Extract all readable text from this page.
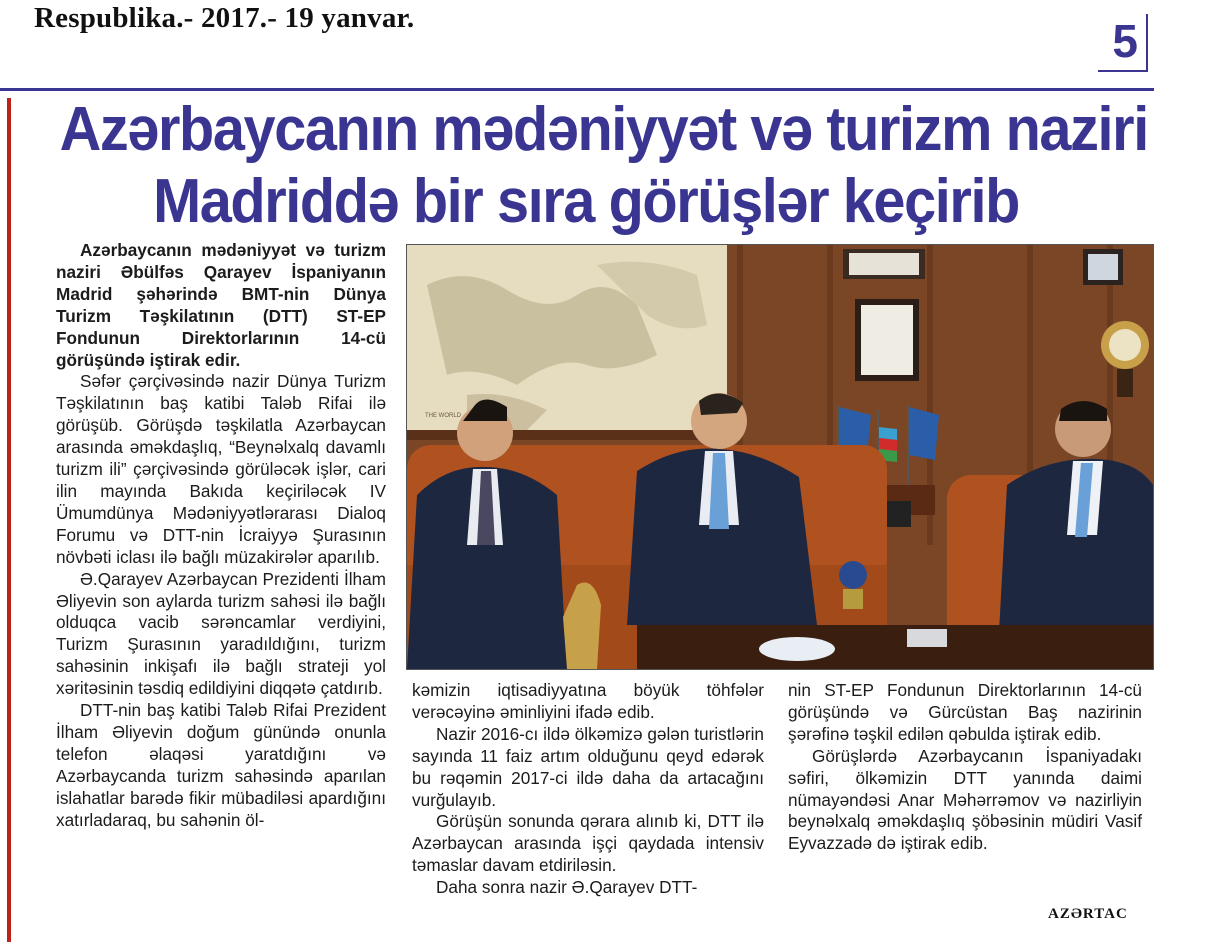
Respublika.- 2017.- 19 yanvar.	5
Azərbaycanın mədəniyyət və turizm naziri
Madriddə bir sıra görüşlər keçirib

Azərbaycanın mədəniyyət və turizm naziri Əbülfəs Qarayev İspaniyanın Madrid şəhərində BMT-nin Dünya Turizm Təşkilatının (DTT) ST-EP Fondunun Direktorlarının 14-cü görüşündə iştirak edir.

Səfər çərçivəsində nazir Dünya Turizm Təşkilatının baş katibi Taləb Rifai ilə görüşüb. Görüşdə təşkilatla Azərbaycan arasında əməkdaşlıq, “Beynəlxalq davamlı turizm ili” çərçivəsində görüləcək işlər, cari ilin mayında Bakıda keçiriləcək IV Ümumdünya Mədəniyyətlərarası Dialoq Forumu və DTT-nin İcraiyyə Şurasının növbəti iclası ilə bağlı müzakirələr aparılıb.

Ə.Qarayev Azərbaycan Prezidenti İlham Əliyevin son aylarda turizm sahəsi ilə bağlı olduqca vacib sərəncamlar verdiyini, Turizm Şurasının yaradıldığını, turizm sahəsinin inkişafı ilə bağlı strateji yol xəritəsinin təsdiq edildiyini diqqətə çatdırıb.

DTT-nin baş katibi Taləb Rifai Prezident İlham Əliyevin doğum günündə onunla telefon əlaqəsi yaratdığını və Azərbaycanda turizm sahəsində aparılan islahatlar barədə fikir mübadiləsi apardığını xatırladaraq, bu sahənin öl-

THE WORLD

kəmizin iqtisadiyyatına böyük töhfələr verəcəyinə əminliyini ifadə edib.

Nazir 2016-cı ildə ölkəmizə gələn turistlərin sayında 11 faiz artım olduğunu qeyd edərək bu rəqəmin 2017-ci ildə daha da artacağını vurğulayıb.

Görüşün sonunda qərara alınıb ki, DTT ilə Azərbaycan arasında işçi qaydada intensiv təmaslar davam etdiriləsin.

Daha sonra nazir Ə.Qarayev DTT-

nin ST-EP Fondunun Direktorlarının 14-cü görüşündə və Gürcüstan Baş nazirinin şərəfinə təşkil edilən qəbulda iştirak edib.

Görüşlərdə Azərbaycanın İspaniyadakı səfiri, ölkəmizin DTT yanında daimi nümayəndəsi Anar Məhərrəmov və nazirliyin beynəlxalq əməkdaşlıq şöbəsinin müdiri Vasif Eyvazzadə də iştirak edib.

AZƏRTAC
